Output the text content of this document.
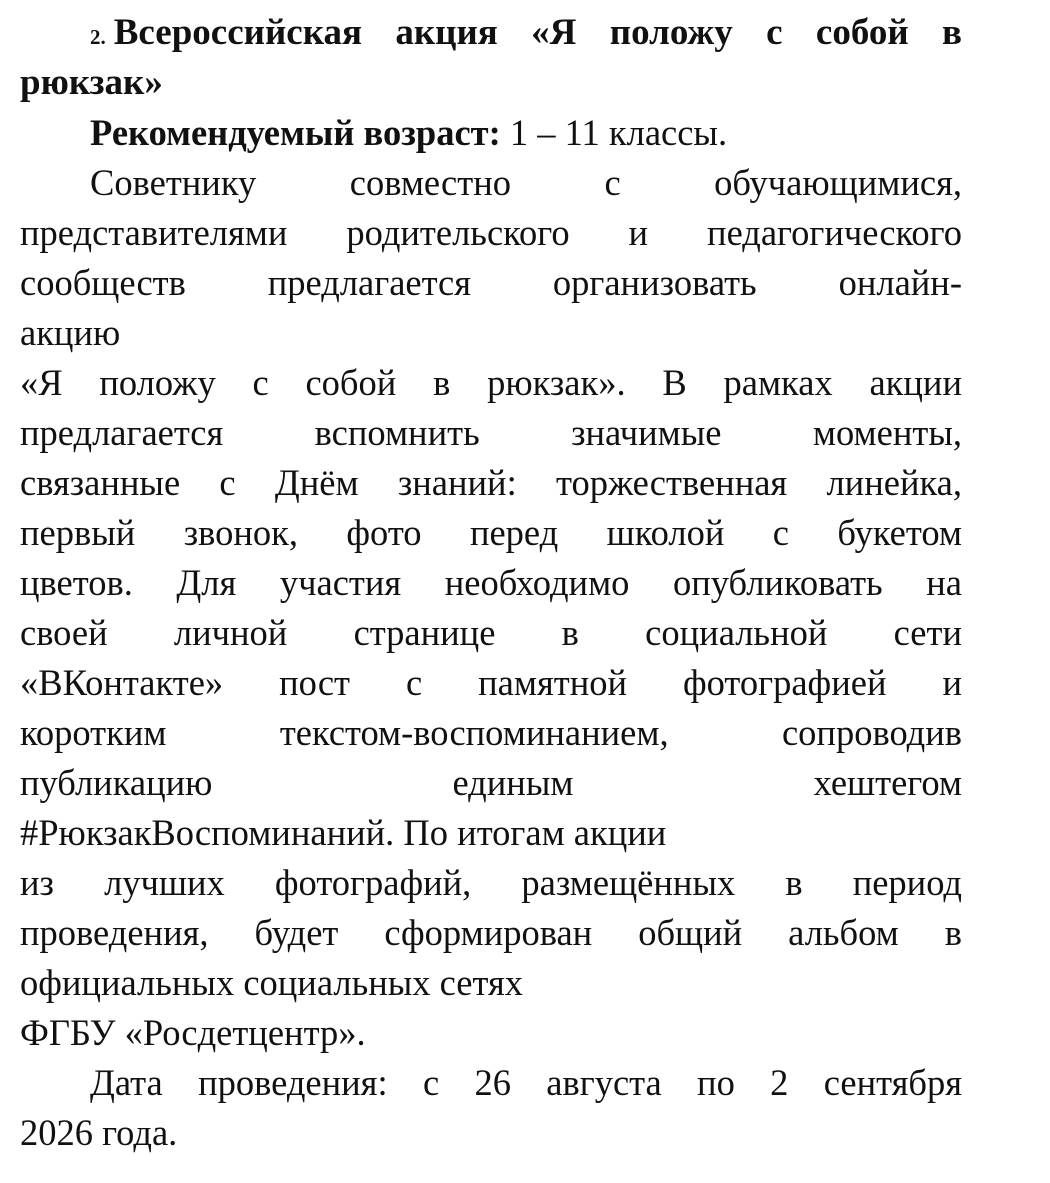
2. Всероссийская акция «Я положу с собой в
рюкзак»
Рекомендуемый возраст: 1 – 11 классы.
Советнику совместно с обучающимися,
представителями родительского и педагогического
сообществ предлагается организовать онлайн-
акцию
«Я положу с собой в рюкзак». В рамках акции
предлагается вспомнить значимые моменты,
связанные с Днём знаний: торжественная линейка,
первый звонок, фото перед школой с букетом
цветов. Для участия необходимо опубликовать на
своей личной странице в социальной сети
«ВКонтакте» пост с памятной фотографией и
коротким текстом-воспоминанием, сопроводив
публикацию единым хештегом
#РюкзакВоспоминаний. По итогам акции
из лучших фотографий, размещённых в период
проведения, будет сформирован общий альбом в
официальных социальных сетях
ФГБУ «Росдетцентр».
Дата проведения: с 26 августа по 2 сентября
2026 года.
